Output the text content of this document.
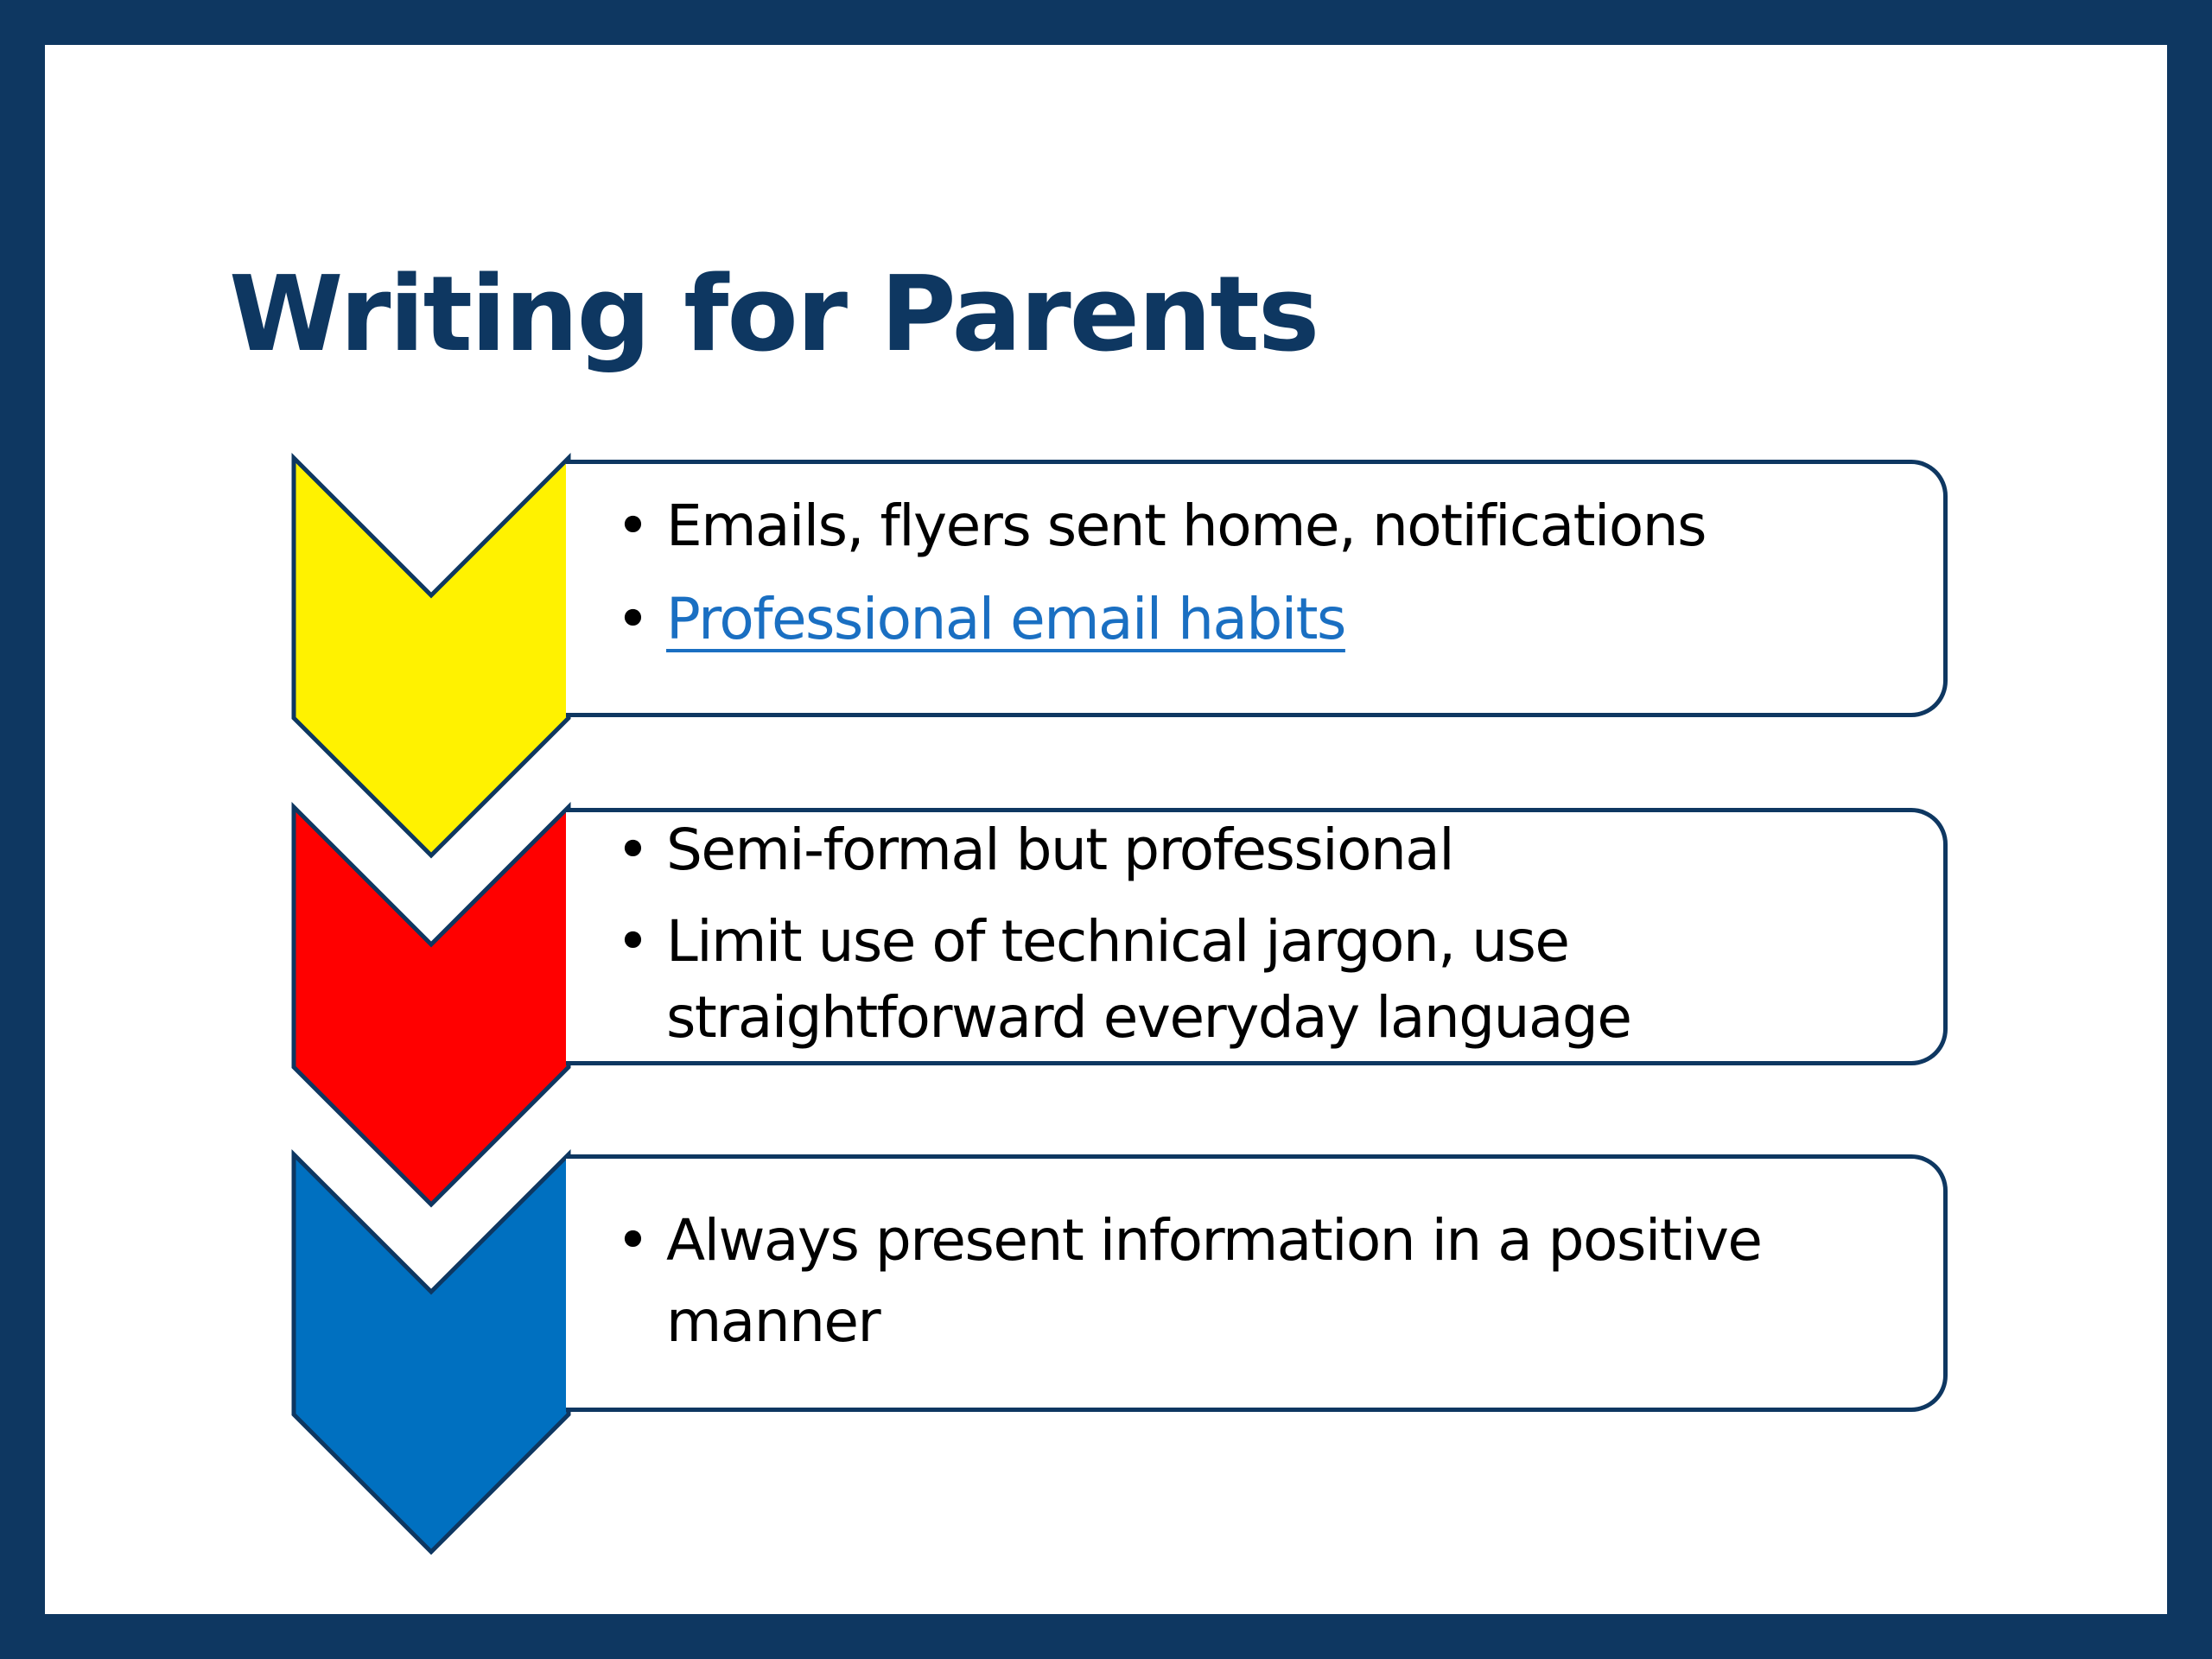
Writing for Parents
• Emails, flyers sent home, notifications
• Professional email habits
• Semi-formal but professional
• Limit use of technical jargon, use straightforward everyday language
• Always present information in a positive manner
